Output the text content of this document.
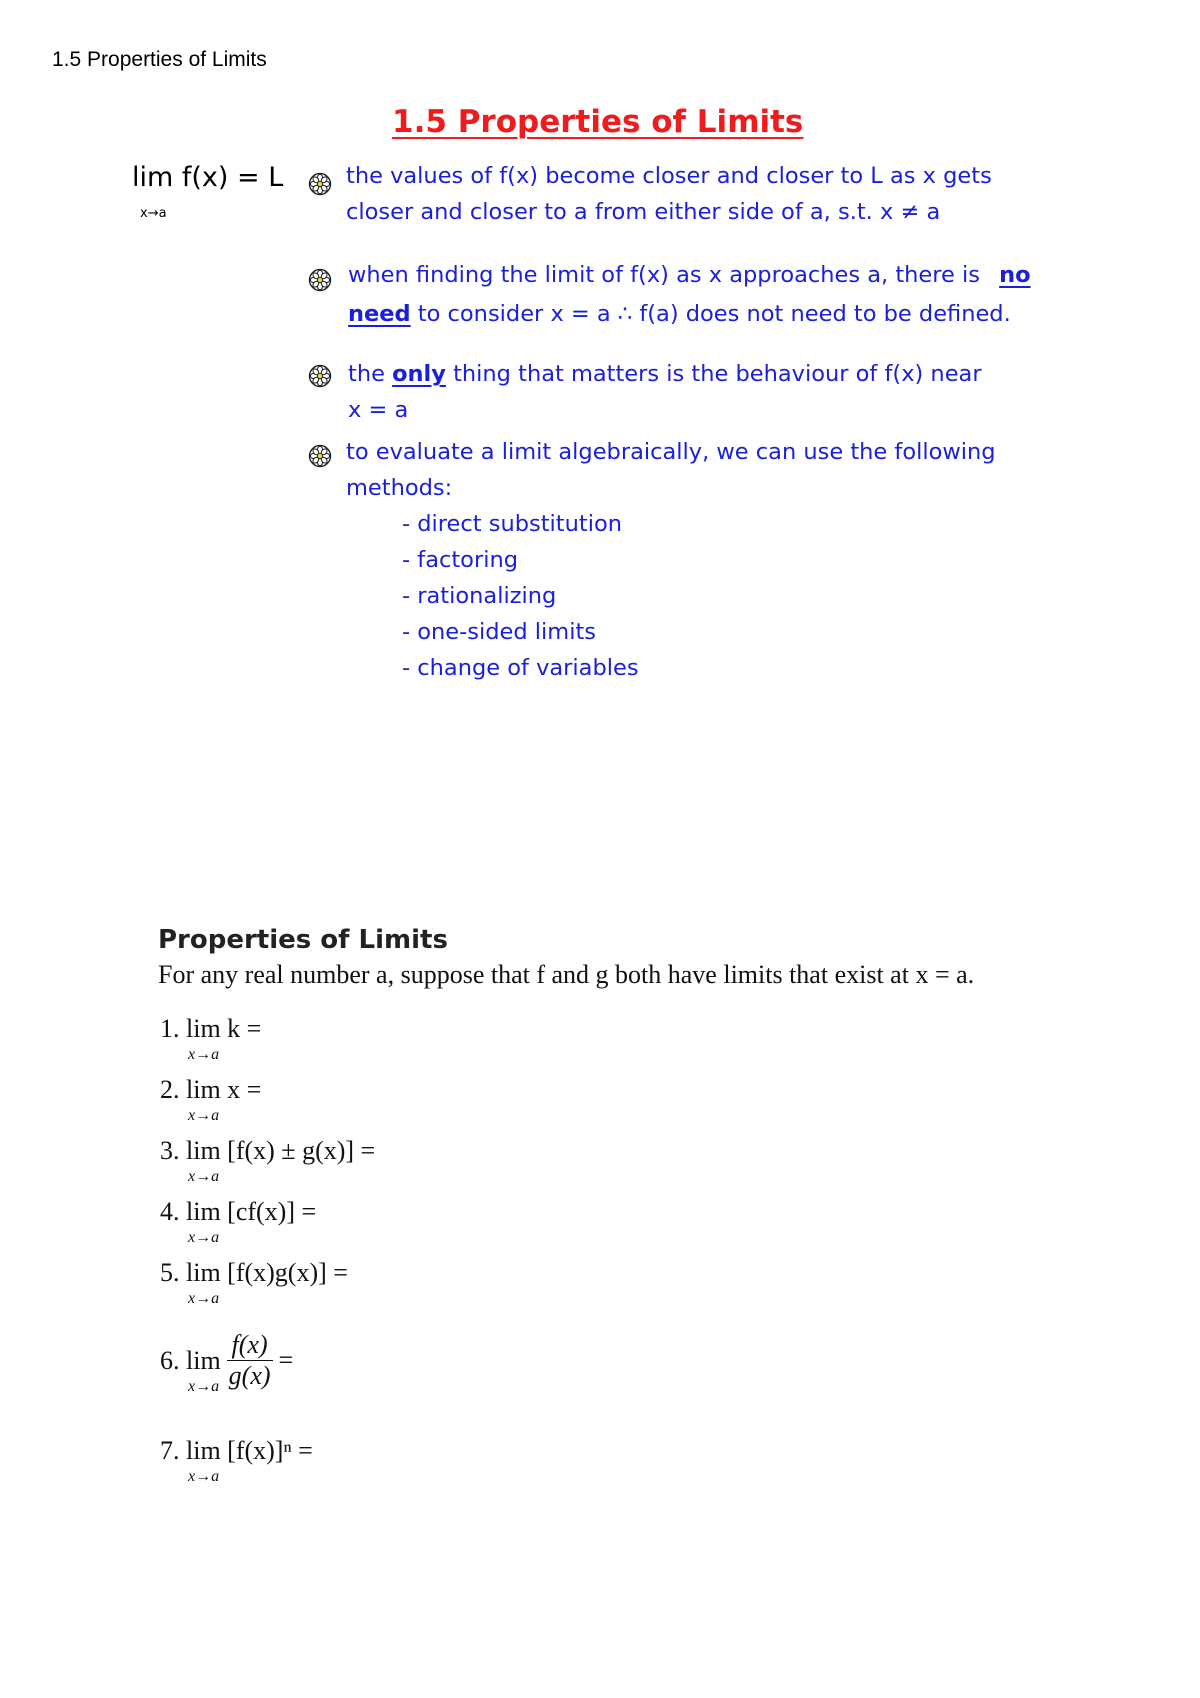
1.5 Properties of Limits
1.5 Properties of Limits
lim f(x) = L
x→a
the values of f(x) become closer and closer to L as x gets
closer and closer to a from either side of a, s.t. x ≠ a
when finding the limit of f(x) as x approaches a, there is no
need to consider x = a ∴ f(a) does not need to be defined.
the only thing that matters is the behaviour of f(x) near
x = a
to evaluate a limit algebraically, we can use the following
methods:
- direct substitution
- factoring
- rationalizing
- one-sided limits
- change of variables
Properties of Limits
For any real number a, suppose that f and g both have limits that exist at x = a.
1. lim k =
x→a
2. lim x =
x→a
3. lim [f(x) ± g(x)] =
x→a
4. lim [cf(x)] =
x→a
5. lim [f(x)g(x)] =
x→a
6. lim
$x\to a \frac{f(x)}{g(x)}$ =
7. lim [f(x)]ⁿ =
x→a
